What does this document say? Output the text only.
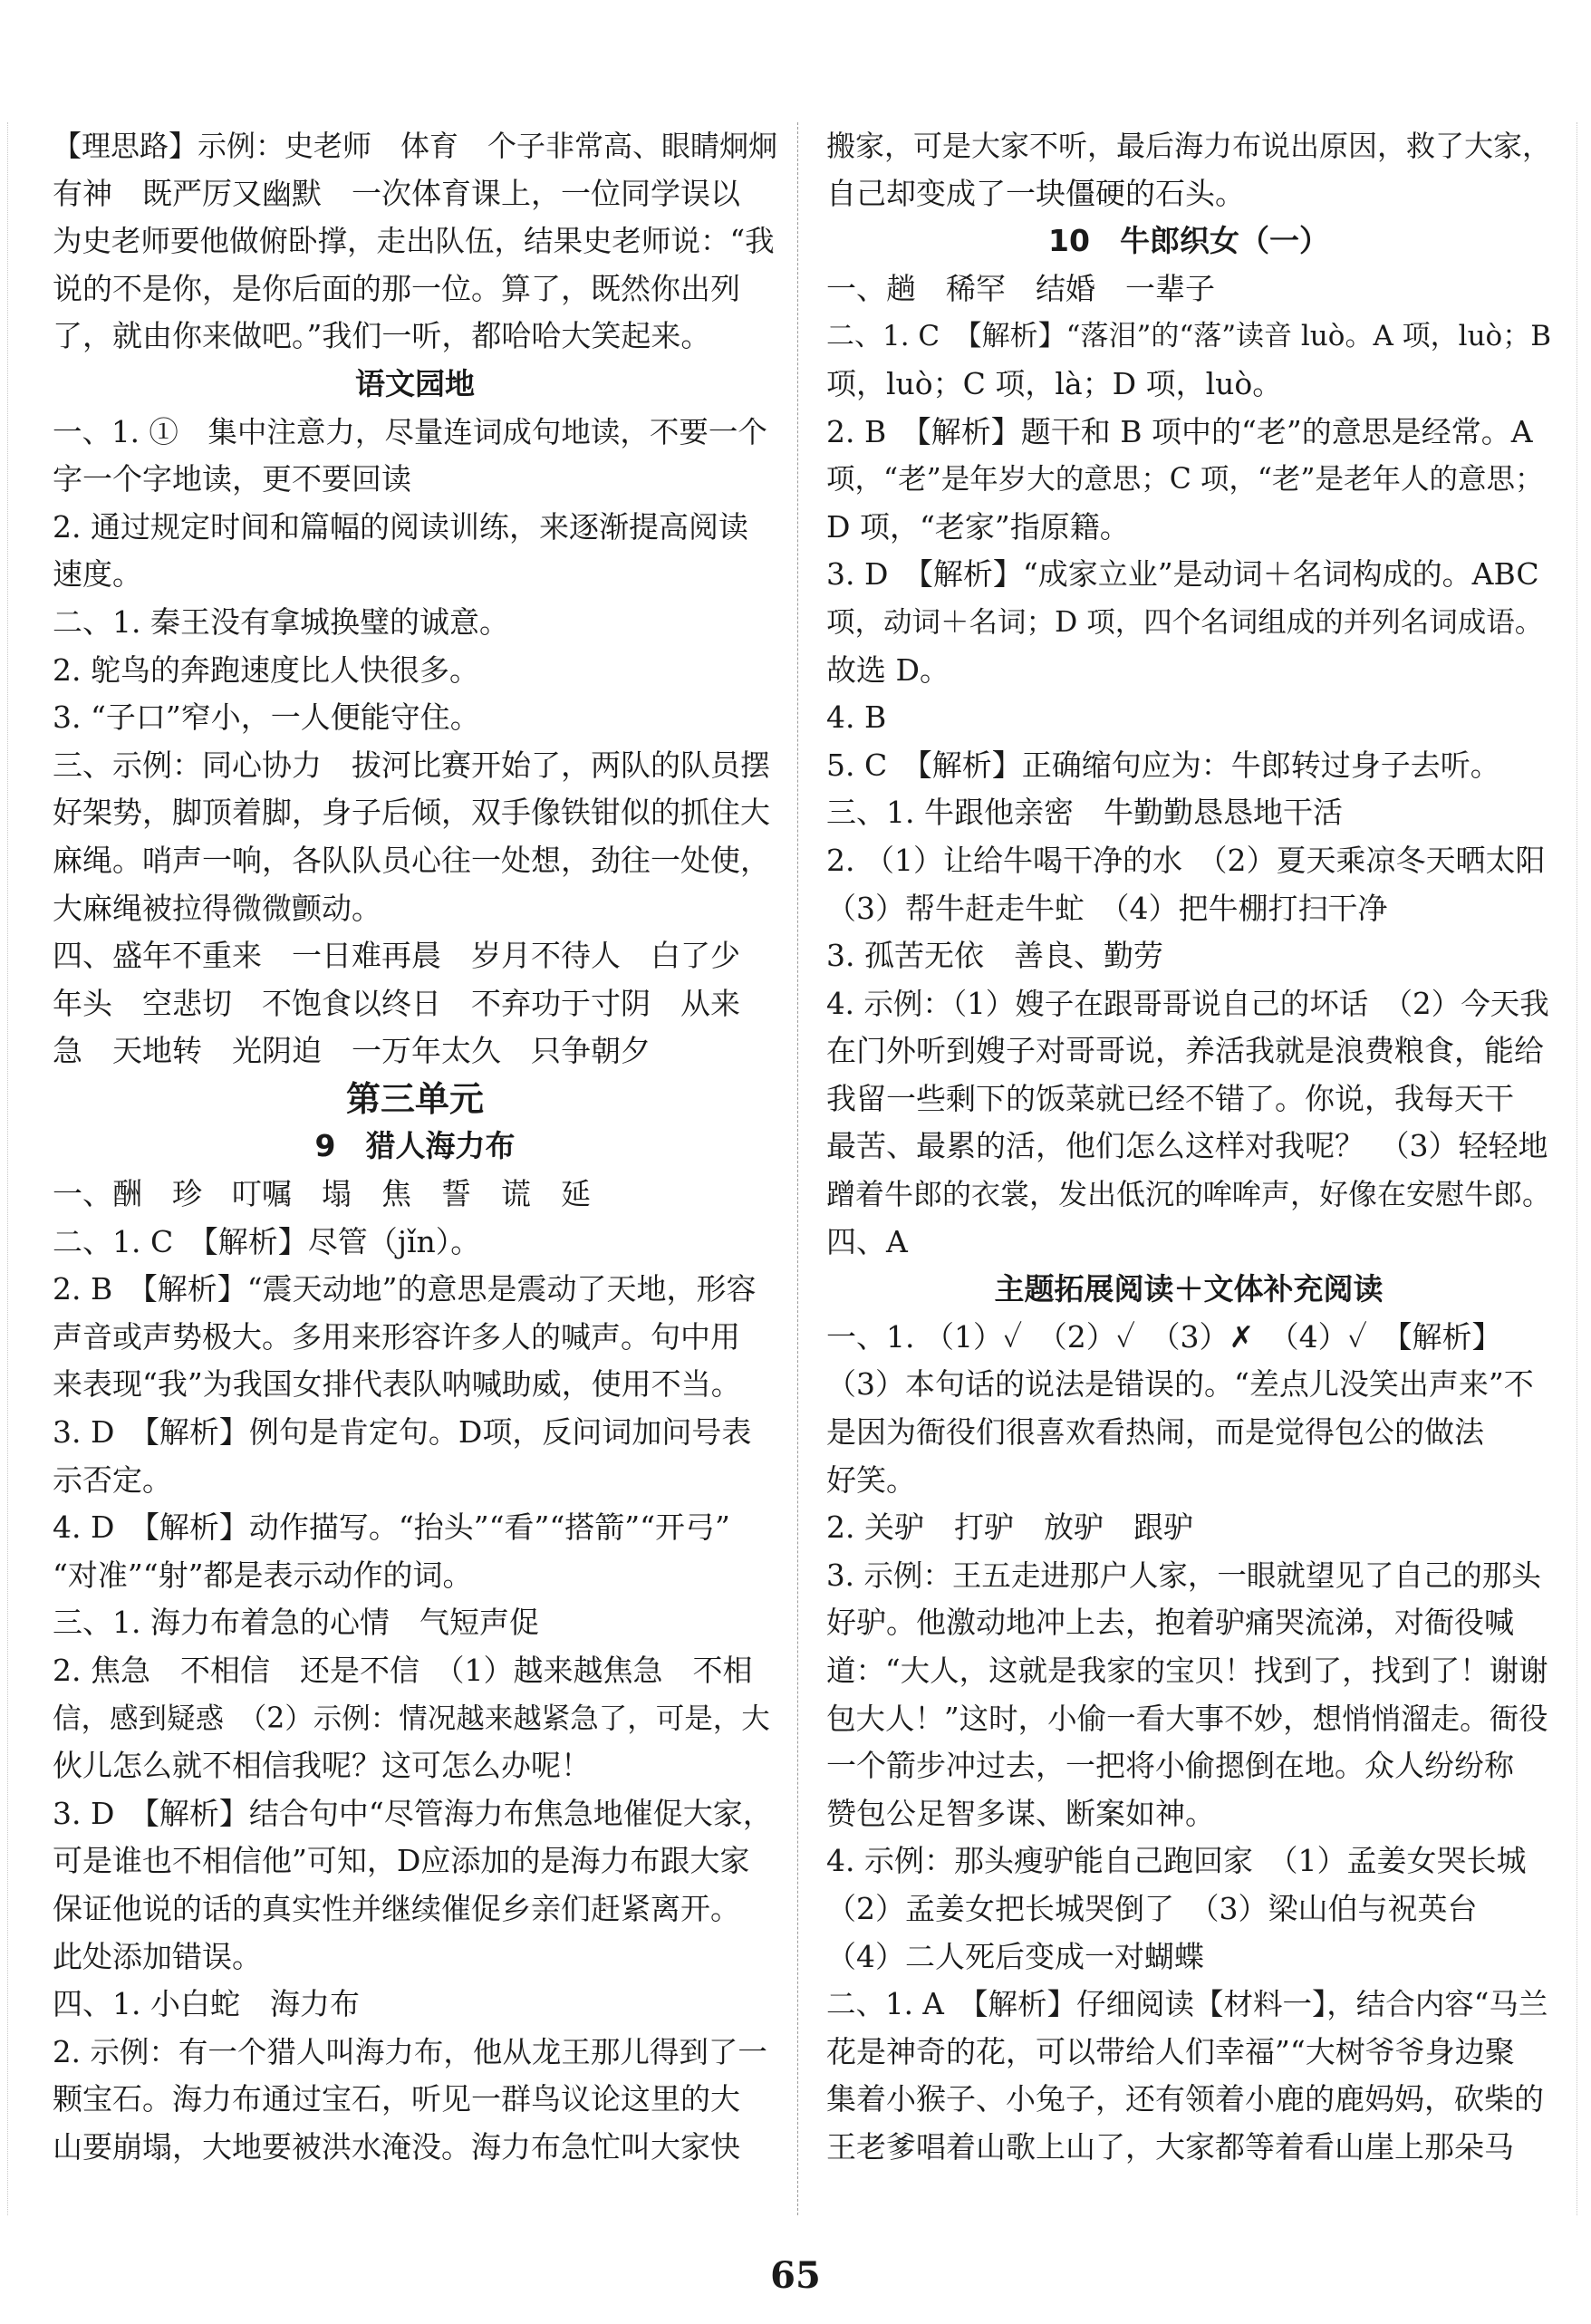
【理思路】示例：史老师　体育　个子非常高、眼睛炯炯
有神　既严厉又幽默　一次体育课上，一位同学误以
为史老师要他做俯卧撑，走出队伍，结果史老师说：“我
说的不是你，是你后面的那一位。算了，既然你出列
了，就由你来做吧。”我们一听，都哈哈大笑起来。
语文园地
一、1. ①　集中注意力，尽量连词成句地读，不要一个
字一个字地读，更不要回读
2. 通过规定时间和篇幅的阅读训练，来逐渐提高阅读
速度。
二、1. 秦王没有拿城换璧的诚意。
2. 鸵鸟的奔跑速度比人快很多。
3. “子口”窄小，一人便能守住。
三、示例：同心协力　拔河比赛开始了，两队的队员摆
好架势，脚顶着脚，身子后倾，双手像铁钳似的抓住大
麻绳。哨声一响，各队队员心往一处想，劲往一处使，
大麻绳被拉得微微颤动。
四、盛年不重来　一日难再晨　岁月不待人　白了少
年头　空悲切　不饱食以终日　不弃功于寸阴　从来
急　天地转　光阴迫　一万年太久　只争朝夕
第三单元
9　猎人海力布
一、酬　珍　叮嘱　塌　焦　誓　谎　延
二、1. C　【解析】尽管（jǐn）。
2. B　【解析】“震天动地”的意思是震动了天地，形容
声音或声势极大。多用来形容许多人的喊声。句中用
来表现“我”为我国女排代表队呐喊助威，使用不当。
3. D　【解析】例句是肯定句。D项，反问词加问号表
示否定。
4. D　【解析】动作描写。“抬头”“看”“搭箭”“开弓”
“对准”“射”都是表示动作的词。
三、1. 海力布着急的心情　气短声促
2. 焦急　不相信　还是不信　（1）越来越焦急　不相
信，感到疑惑　（2）示例：情况越来越紧急了，可是，大
伙儿怎么就不相信我呢？这可怎么办呢！
3. D　【解析】结合句中“尽管海力布焦急地催促大家，
可是谁也不相信他”可知，D应添加的是海力布跟大家
保证他说的话的真实性并继续催促乡亲们赶紧离开。
此处添加错误。
四、1. 小白蛇　海力布
2. 示例：有一个猎人叫海力布，他从龙王那儿得到了一
颗宝石。海力布通过宝石，听见一群鸟议论这里的大
山要崩塌，大地要被洪水淹没。海力布急忙叫大家快
搬家，可是大家不听，最后海力布说出原因，救了大家，
自己却变成了一块僵硬的石头。
10　牛郎织女（一）
一、趟　稀罕　结婚　一辈子
二、1. C　【解析】“落泪”的“落”读音 luò。A 项，luò；B
项，luò；C 项，là；D 项，luò。
2. B　【解析】题干和 B 项中的“老”的意思是经常。A
项，“老”是年岁大的意思；C 项，“老”是老年人的意思；
D 项，“老家”指原籍。
3. D　【解析】“成家立业”是动词＋名词构成的。ABC
项，动词＋名词；D 项，四个名词组成的并列名词成语。
故选 D。
4. B
5. C　【解析】正确缩句应为：牛郎转过身子去听。
三、1. 牛跟他亲密　牛勤勤恳恳地干活
2. （1）让给牛喝干净的水　（2）夏天乘凉冬天晒太阳
（3）帮牛赶走牛虻　（4）把牛棚打扫干净
3. 孤苦无依　善良、勤劳
4. 示例：（1）嫂子在跟哥哥说自己的坏话　（2）今天我
在门外听到嫂子对哥哥说，养活我就是浪费粮食，能给
我留一些剩下的饭菜就已经不错了。你说，我每天干
最苦、最累的活，他们怎么这样对我呢？　（3）轻轻地
蹭着牛郎的衣裳，发出低沉的哞哞声，好像在安慰牛郎。
四、A
主题拓展阅读＋文体补充阅读
一、1. （1）✓　（2）✓　（3）✗　（4）✓　【解析】
（3）本句话的说法是错误的。“差点儿没笑出声来”不
是因为衙役们很喜欢看热闹，而是觉得包公的做法
好笑。
2. 关驴　打驴　放驴　跟驴
3. 示例：王五走进那户人家，一眼就望见了自己的那头
好驴。他激动地冲上去，抱着驴痛哭流涕，对衙役喊
道：“大人，这就是我家的宝贝！找到了，找到了！谢谢
包大人！”这时，小偷一看大事不妙，想悄悄溜走。衙役
一个箭步冲过去，一把将小偷摁倒在地。众人纷纷称
赞包公足智多谋、断案如神。
4. 示例：那头瘦驴能自己跑回家　（1）孟姜女哭长城
（2）孟姜女把长城哭倒了　（3）梁山伯与祝英台
（4）二人死后变成一对蝴蝶
二、1. A　【解析】仔细阅读【材料一】，结合内容“马兰
花是神奇的花，可以带给人们幸福”“大树爷爷身边聚
集着小猴子、小兔子，还有领着小鹿的鹿妈妈，砍柴的
王老爹唱着山歌上山了，大家都等着看山崖上那朵马
65
